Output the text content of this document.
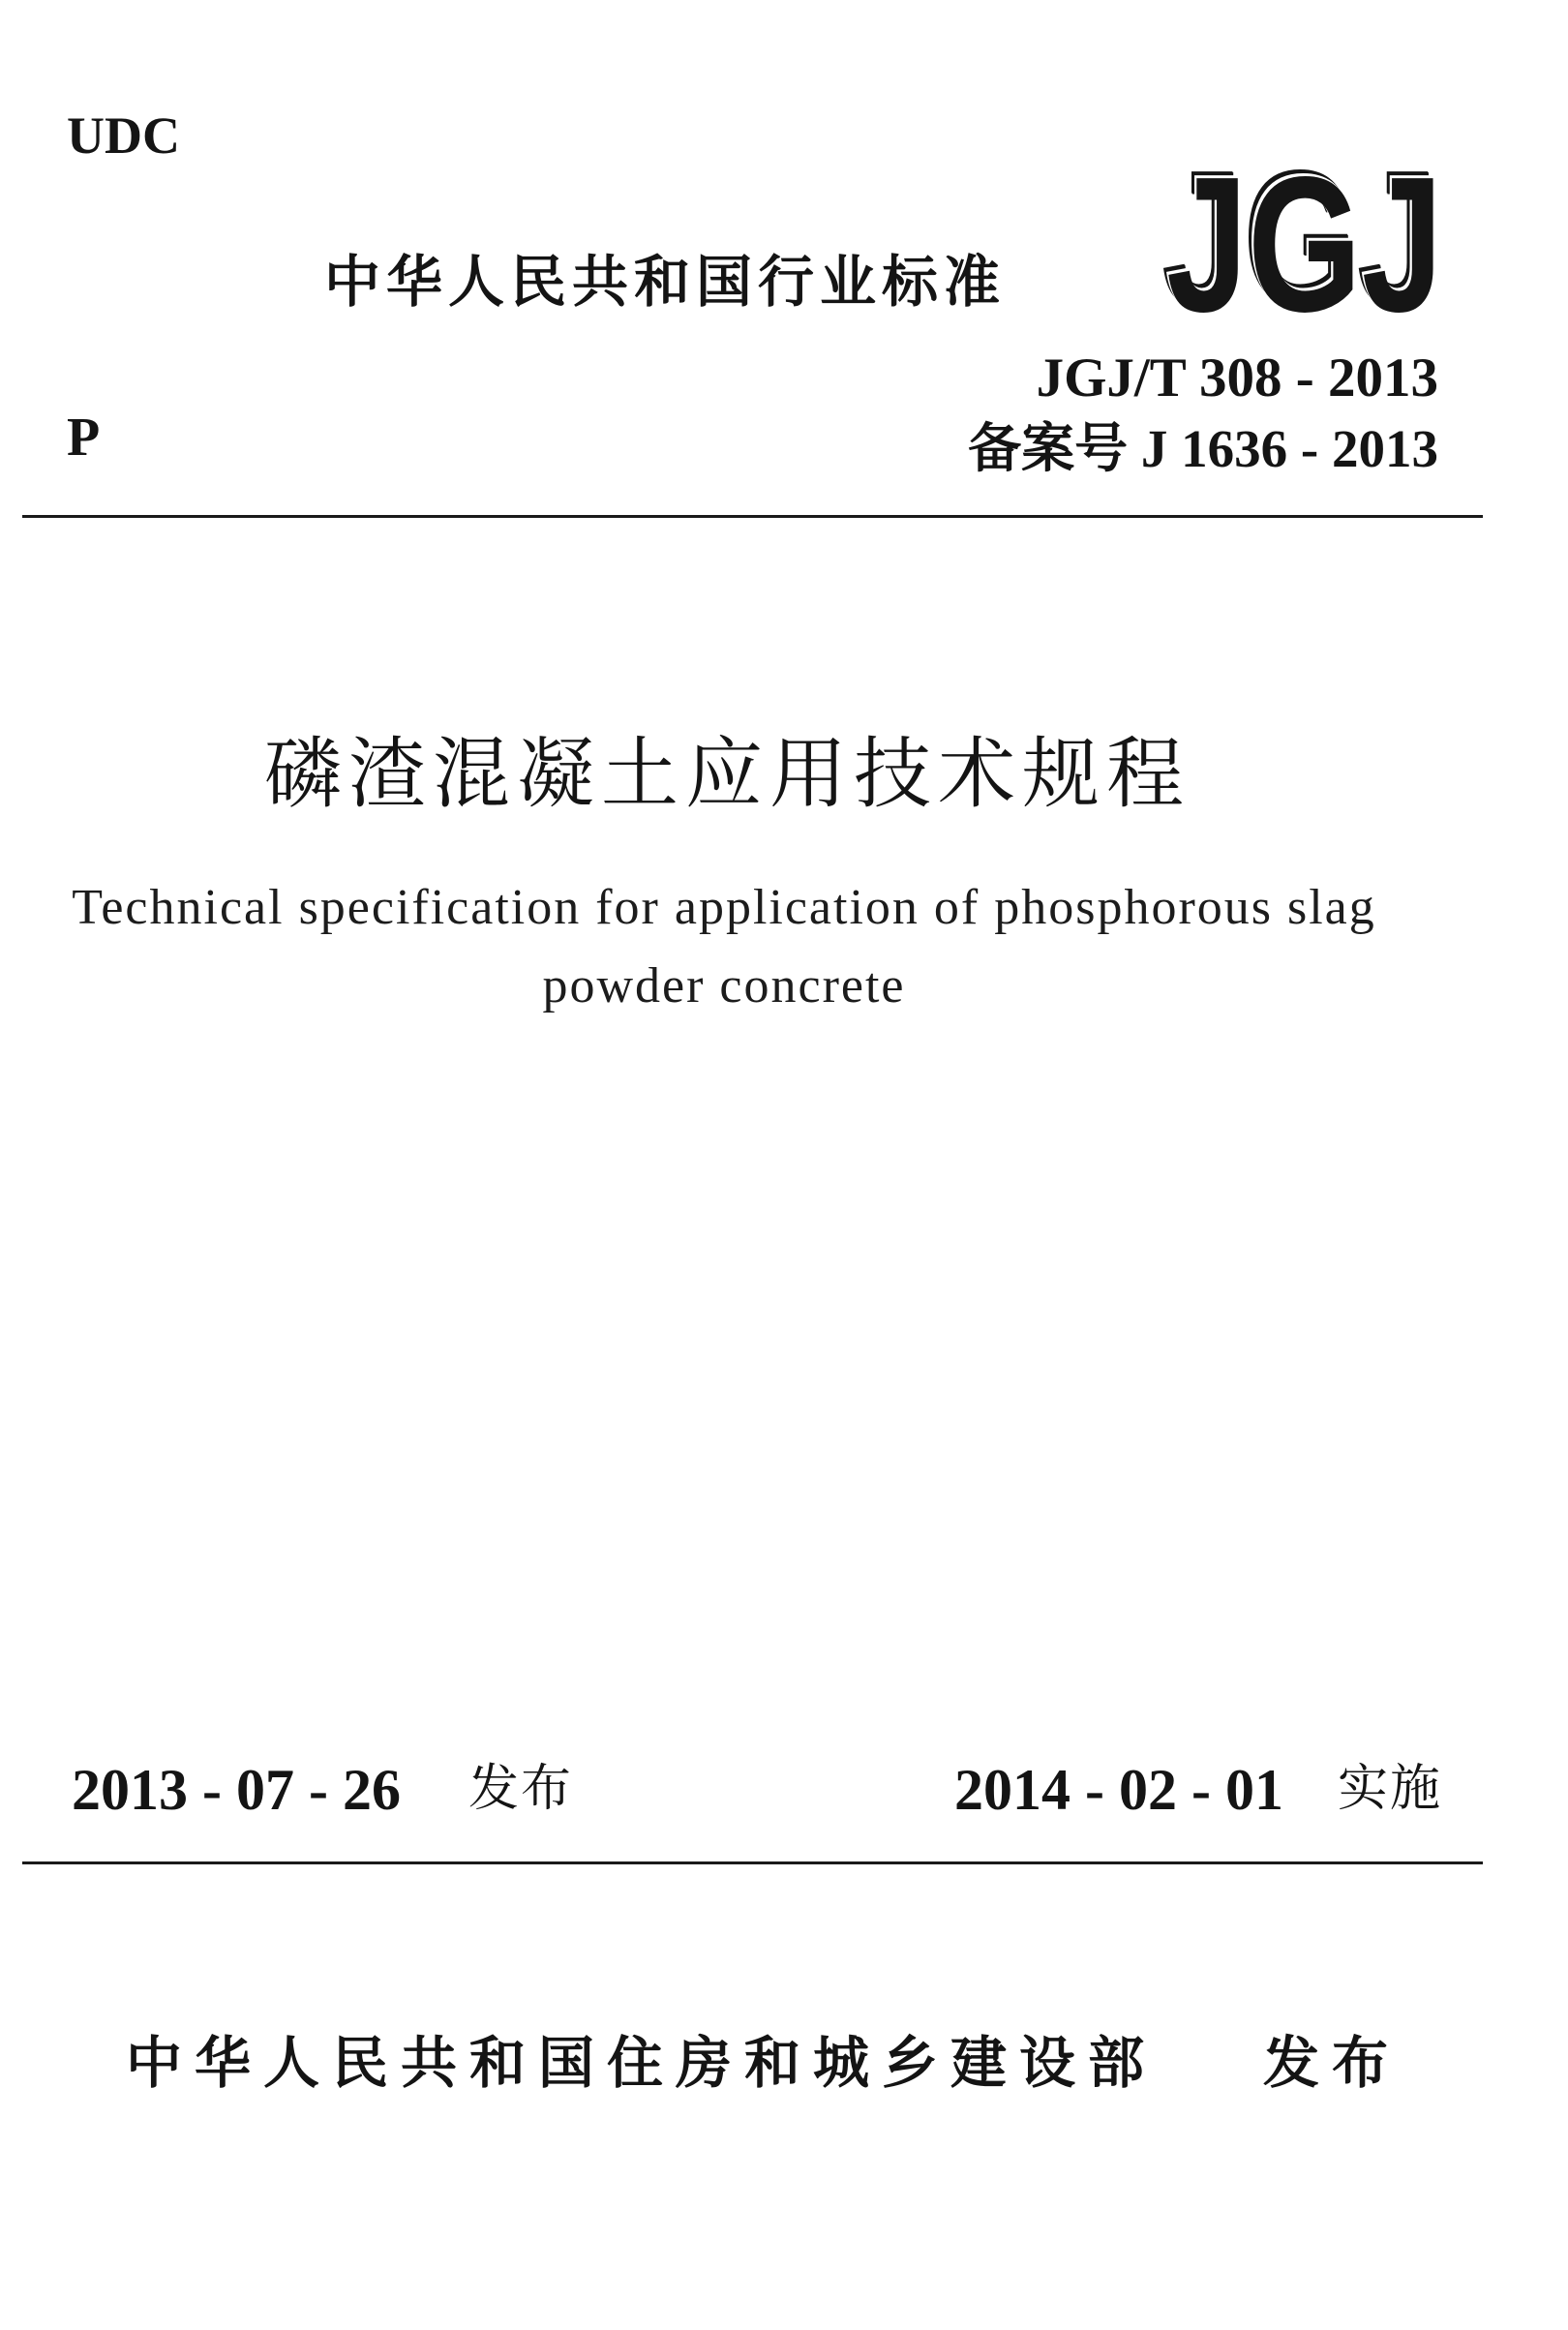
UDC
P
中华人民共和国行业标准 JGJ
JGJ/T 308 - 2013
备案号 J 1636 - 2013
磷渣混凝土应用技术规程
Technical specification for application of phosphorous slag powder concrete
2013 - 07 - 26 发布	2014 - 02 - 01 实施
中华人民共和国住房和城乡建设部 发布
